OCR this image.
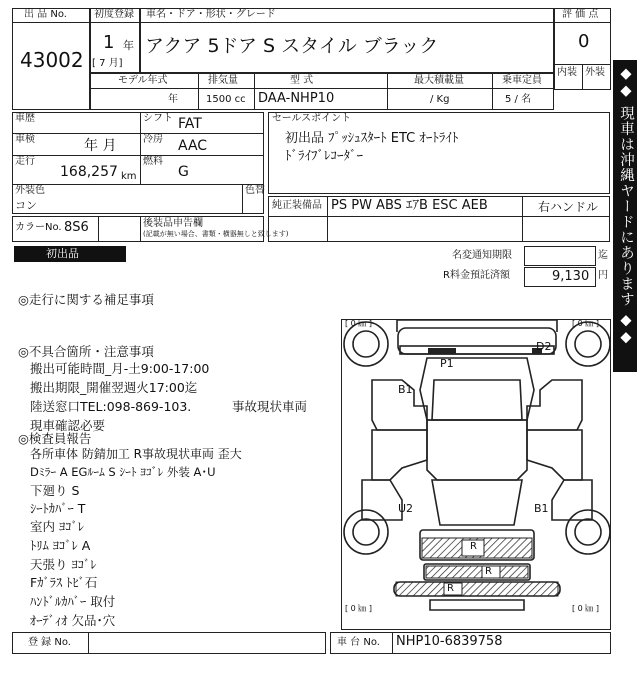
出 品 No.
43002
初度登録
1 年
[ 7 月]
車名・ドア・形状・グレード
アクア 5ドア S スタイル ブラック
評 価 点
0
内装 外装
モデル年式
年
排気量
1500 cc
型 式
DAA-NHP10
最大積載量
/ Kg
乗車定員
5 / 名
車歴	シフト FAT
車検	年 月	冷房 AAC
走行
168,257 km
燃料
G
外装色
コン
色替
カラーNo. 8S6	後装品申告欄
(記載が無い場合、書類・横器無しと致します)
セールスポイント
初出品 ﾌﾟｯｼｭｽﾀｰﾄ ETC ｵｰﾄﾗｲﾄ
ﾄﾞﾗｲﾌﾞﾚｺｰﾀﾞｰ
純正装備品 PS PW ABS ｴｱB ESC AEB	右ハンドル
初出品	名変通知期限	迄
R料金預託済額	9,130 円
◎走行に関する補足事項
◎不具合箇所・注意事項
搬出可能時間_月-土9:00-17:00
搬出期限_開催翌週火17:00迄
陸送窓口TEL:098-869-103.	事故現状車両
現車確認必要
◎検査員報告
各所車体 防錆加工 R事故現状車両 歪大
Dﾐﾗｰ A EGﾙｰﾑ S ｼｰﾄ ﾖｺﾞﾚ 外装 A･U
下廻り S
ｼｰﾄｶﾊﾞｰ T
室内 ﾖｺﾞﾚ
ﾄﾘﾑ ﾖｺﾞﾚ A
天張り ﾖｺﾞﾚ
Fｶﾞﾗｽ ﾄﾋﾞ石
ﾊﾝﾄﾞﾙｶﾊﾞｰ 取付
ｵｰﾃﾞｨｵ 欠品･穴
[ 0 ㎞ ]	[ 0 ㎞ ]
[ 0 ㎞ ]	[ 0 ㎞ ]
D2
P1
B1
U2	B1
R
R
R
登 録 No.	車 台 No. NHP10-6839758
◆◆ 現車は沖縄ヤードにあります ◆◆
